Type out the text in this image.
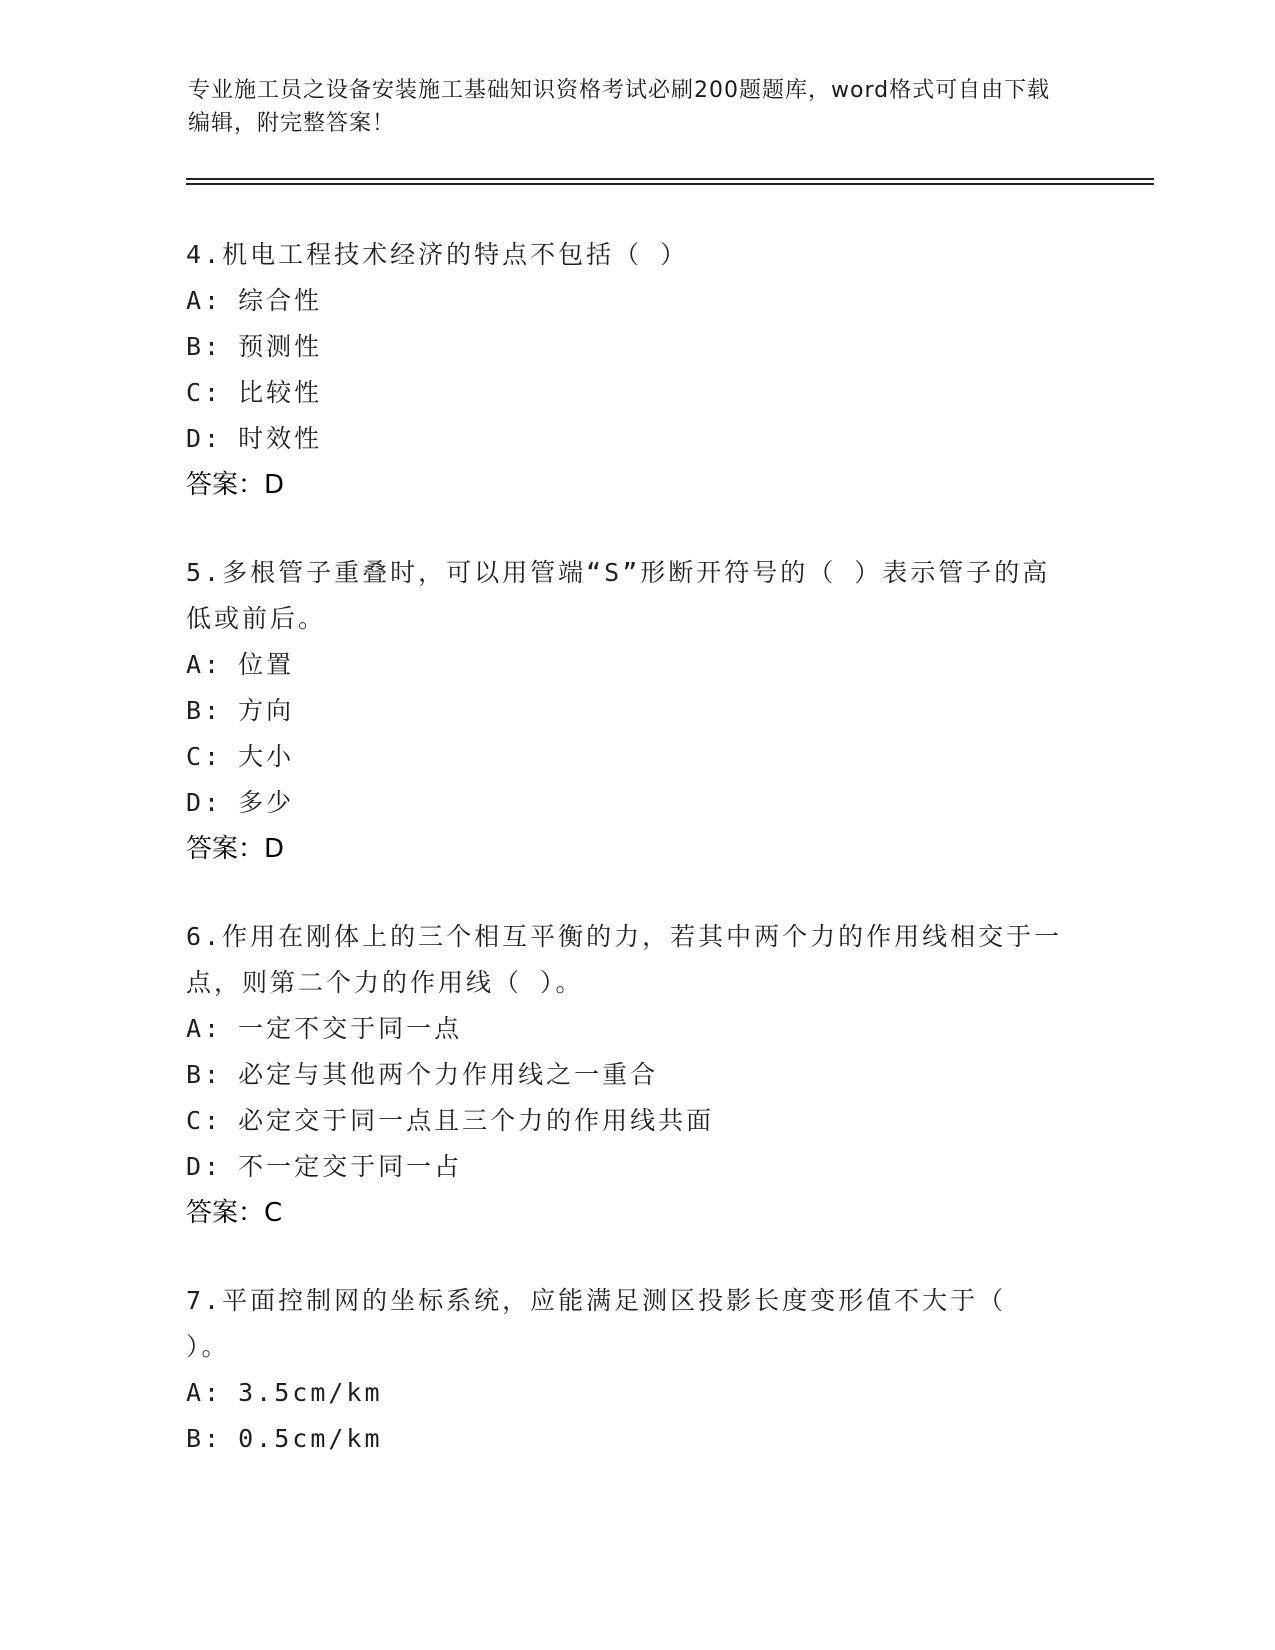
专业施工员之设备安装施工基础知识资格考试必刷200题题库，word格式可自由下载编辑，附完整答案！
4.机电工程技术经济的特点不包括（ ）
A: 综合性
B: 预测性
C: 比较性
D: 时效性
答案：D
5.多根管子重叠时，可以用管端“S”形断开符号的（ ）表示管子的高低或前后。
A: 位置
B: 方向
C: 大小
D: 多少
答案：D
6.作用在刚体上的三个相互平衡的力，若其中两个力的作用线相交于一点，则第二个力的作用线（ ）。
A: 一定不交于同一点
B: 必定与其他两个力作用线之一重合
C: 必定交于同一点且三个力的作用线共面
D: 不一定交于同一占
答案：C
7.平面控制网的坐标系统，应能满足测区投影长度变形值不大于（ ）。
A: 3.5cm/km
B: 0.5cm/km
